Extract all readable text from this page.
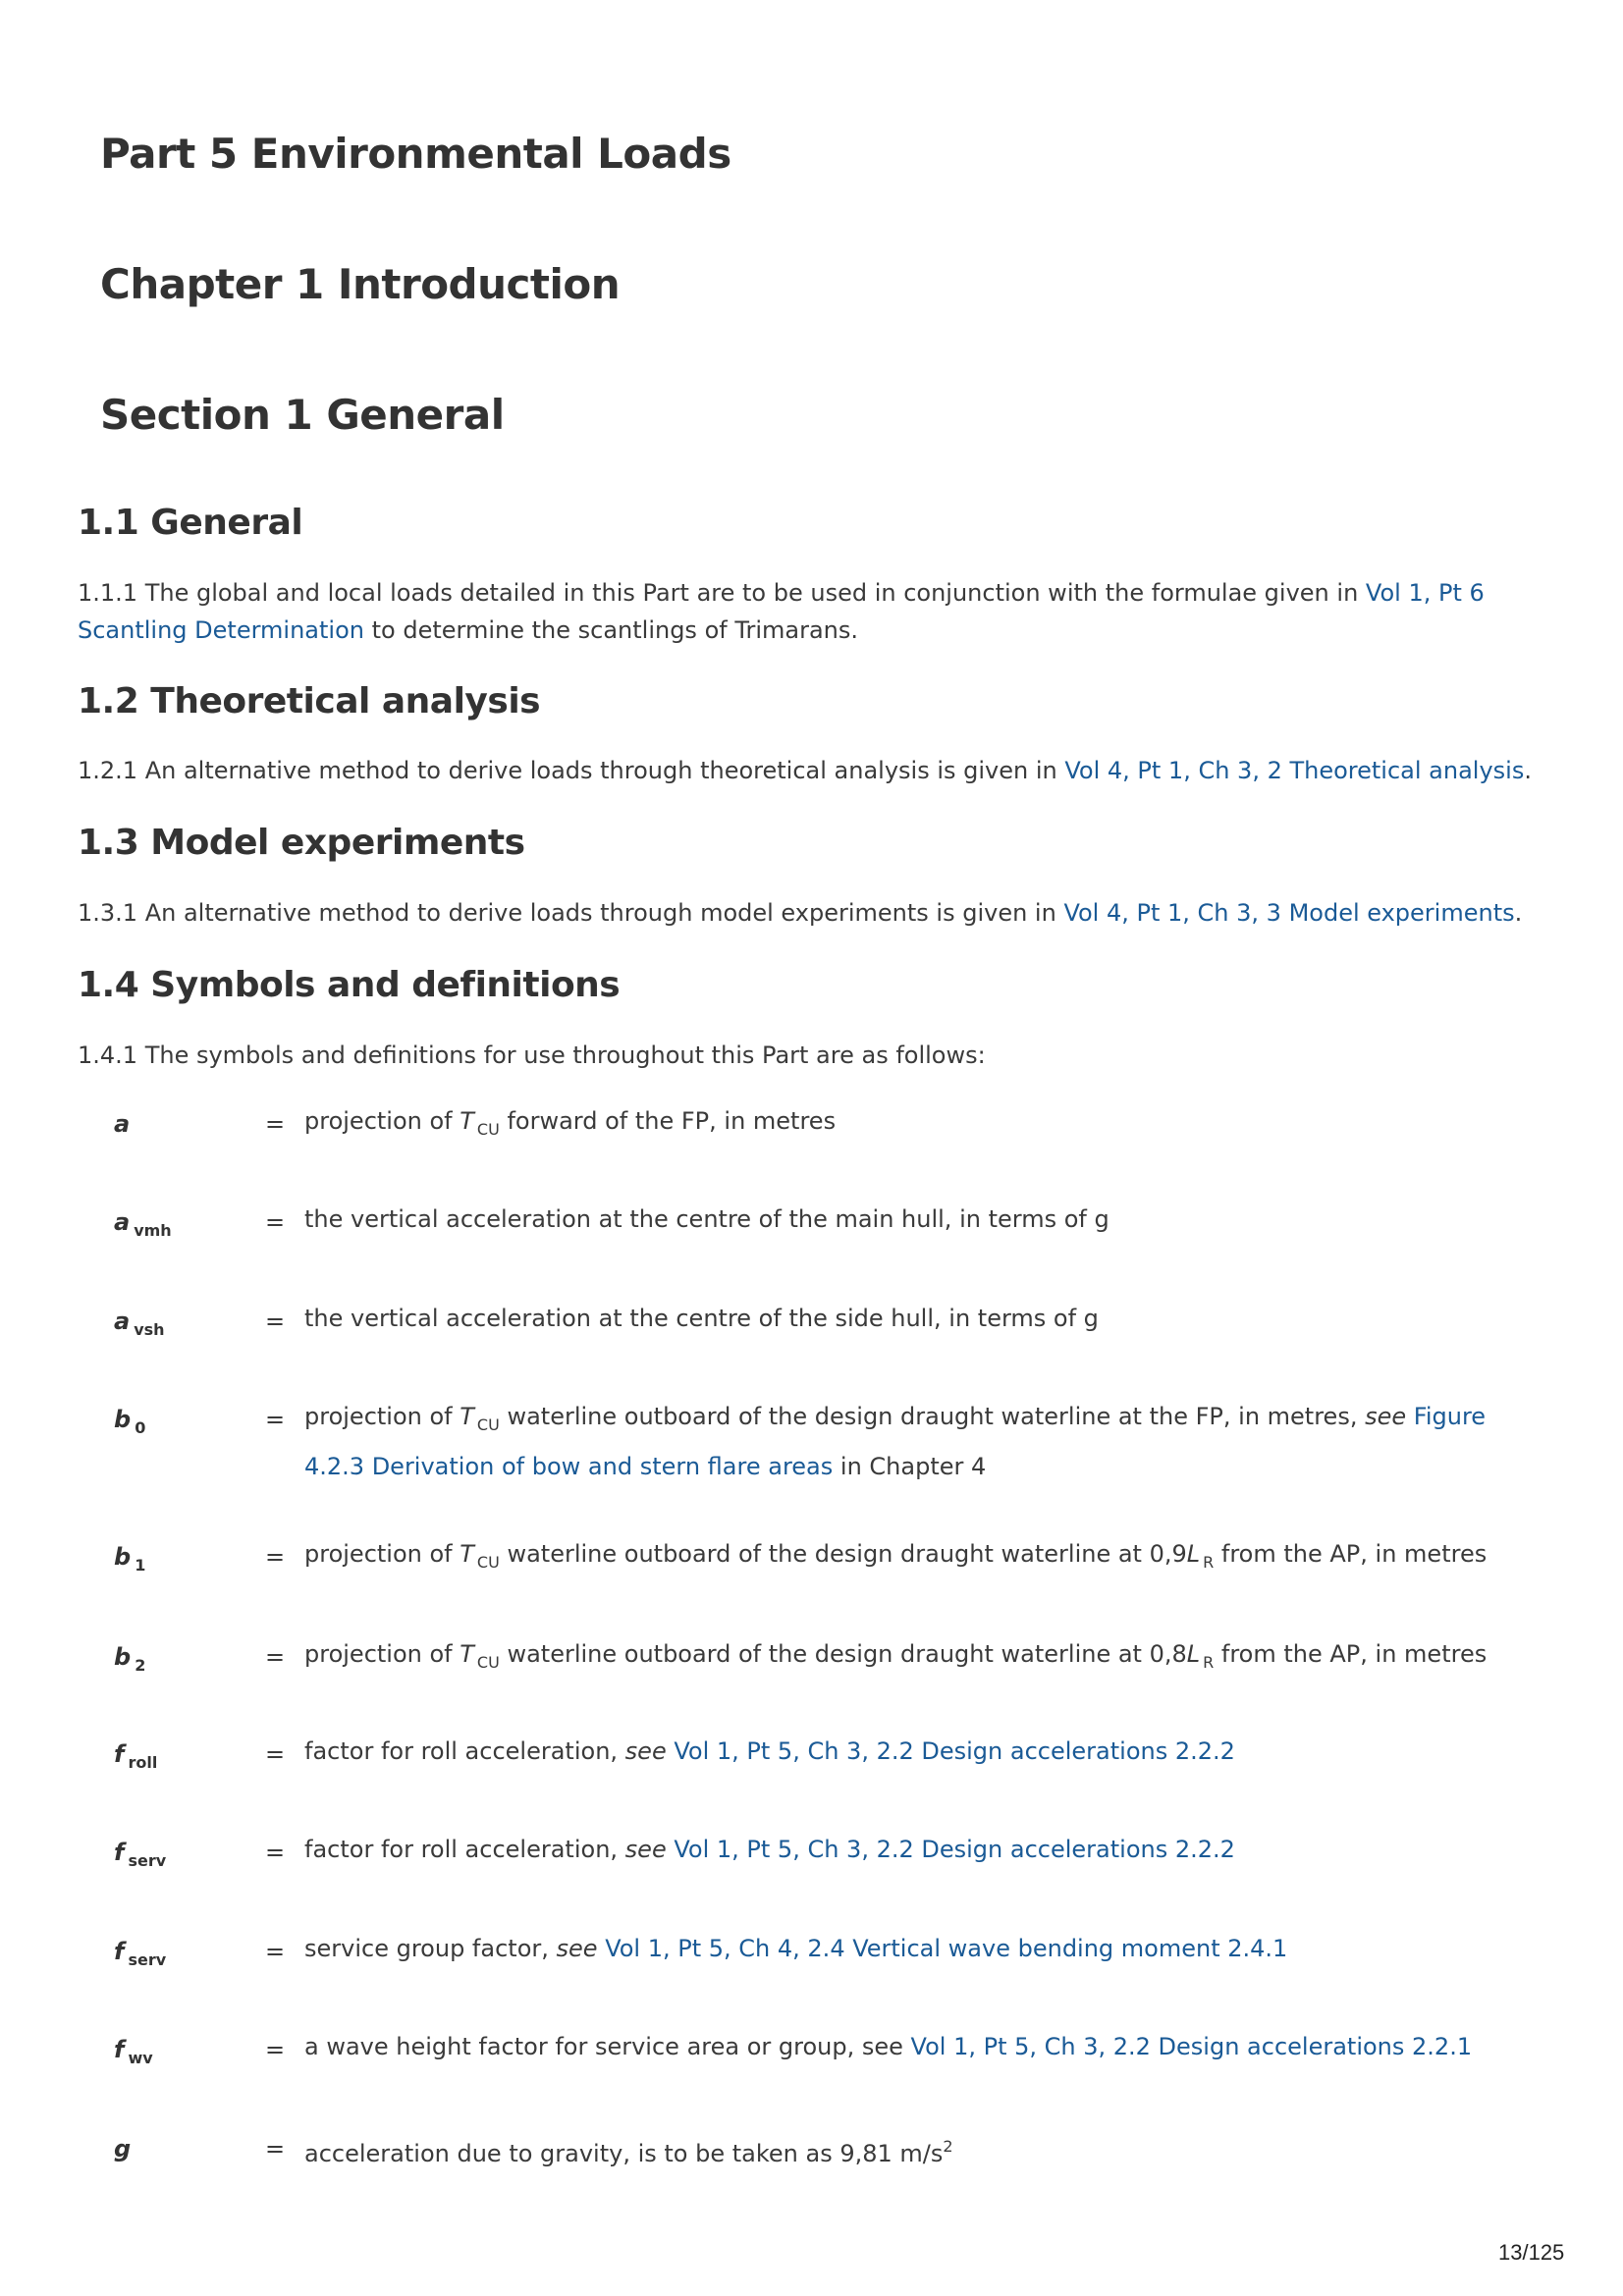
Part 5 Environmental Loads
Chapter 1 Introduction
Section 1 General
1.1 General

1.1.1 The global and local loads detailed in this Part are to be used in conjunction with the formulae given in Vol 1, Pt 6 Scantling Determination to determine the scantlings of Trimarans.

1.2 Theoretical analysis

1.2.1 An alternative method to derive loads through theoretical analysis is given in Vol 4, Pt 1, Ch 3, 2 Theoretical analysis.

1.3 Model experiments

1.3.1 An alternative method to derive loads through model experiments is given in Vol 4, Pt 1, Ch 3, 3 Model experiments.

1.4 Symbols and definitions

1.4.1 The symbols and definitions for use throughout this Part are as follows:

a	= projection of T $_{CU}$ forward of the FP, in metres
a $_{vmh}$	= the vertical acceleration at the centre of the main hull, in terms of g
a $_{vsh}$	= the vertical acceleration at the centre of the side hull, in terms of g
b $_0$	= projection of T $_{CU}$ waterline outboard of the design draught waterline at the FP, in metres, see Figure 4.2.3 Derivation of bow and stern flare areas in Chapter 4
b $_1$	= projection of T $_{CU}$ waterline outboard of the design draught waterline at 0,9L $_R$ from the AP, in metres
b $_2$	= projection of T $_{CU}$ waterline outboard of the design draught waterline at 0,8L $_R$ from the AP, in metres
f $_{roll}$	= factor for roll acceleration, see Vol 1, Pt 5, Ch 3, 2.2 Design accelerations 2.2.2
f $_{serv}$	= factor for roll acceleration, see Vol 1, Pt 5, Ch 3, 2.2 Design accelerations 2.2.2
f $_{serv}$	= service group factor, see Vol 1, Pt 5, Ch 4, 2.4 Vertical wave bending moment 2.4.1
f $_{wv}$	= a wave height factor for service area or group, see Vol 1, Pt 5, Ch 3, 2.2 Design accelerations 2.2.1
g	= acceleration due to gravity, is to be taken as 9,81 $m/s^2$
13/125
